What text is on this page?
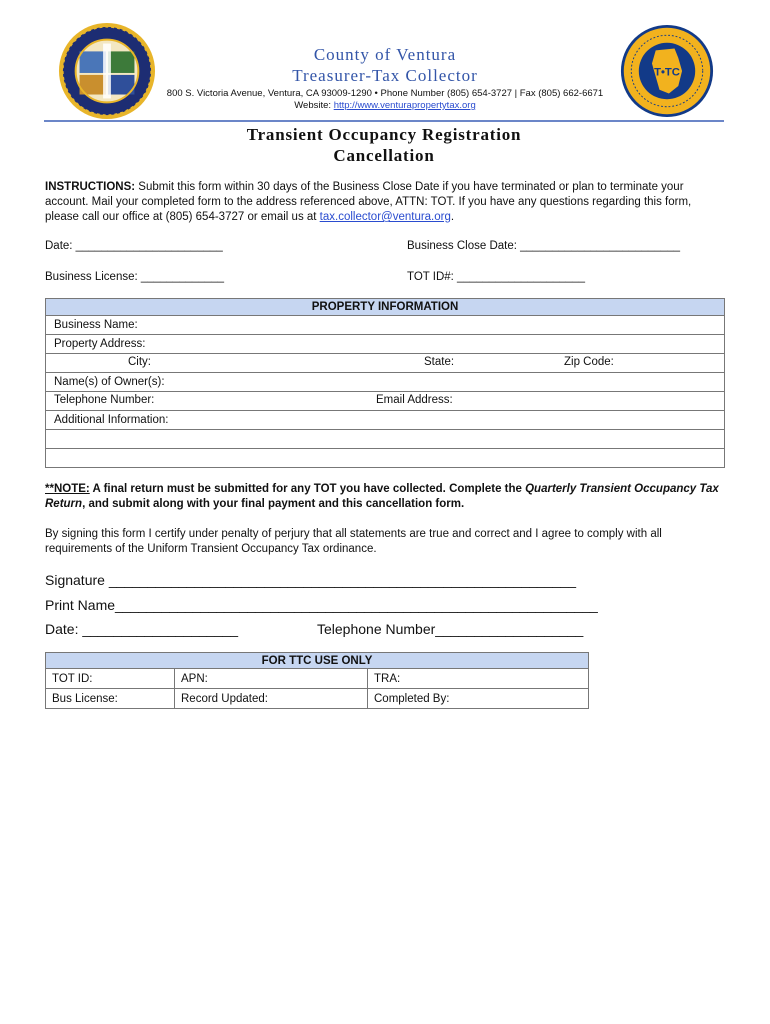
T•TC
County of Ventura
Treasurer-Tax Collector
800 S. Victoria Avenue, Ventura, CA 93009-1290 • Phone Number (805) 654-3727 | Fax (805) 662-6671
Website: http://www.venturapropertytax.org
Transient Occupancy Registration
Cancellation
INSTRUCTIONS: Submit this form within 30 days of the Business Close Date if you have terminated or plan to terminate your account. Mail your completed form to the address referenced above, ATTN: TOT. If you have any questions regarding this form, please call our office at (805) 654-3727 or email us at tax.collector@ventura.org.
Date: _______________________	Business Close Date: _________________________
Business License: _____________	TOT ID#: ____________________
PROPERTY INFORMATION
Business Name:
Property Address:

City:	State:	Zip Code:

Name(s) of Owner(s):

Telephone Number:	Email Address:

Additional Information:

**NOTE: A final return must be submitted for any TOT you have collected. Complete the Quarterly Transient Occupancy Tax Return, and submit along with your final payment and this cancellation form.
By signing this form I certify under penalty of perjury that all statements are true and correct and I agree to comply with all requirements of the Uniform Transient Occupancy Tax ordinance.
Signature ____________________________________________________________
Print Name______________________________________________________________
Date: ____________________	Telephone Number___________________
FOR TTC USE ONLY		
TOT ID:	APN:	TRA:
Bus License:	Record Updated:	Completed By:
